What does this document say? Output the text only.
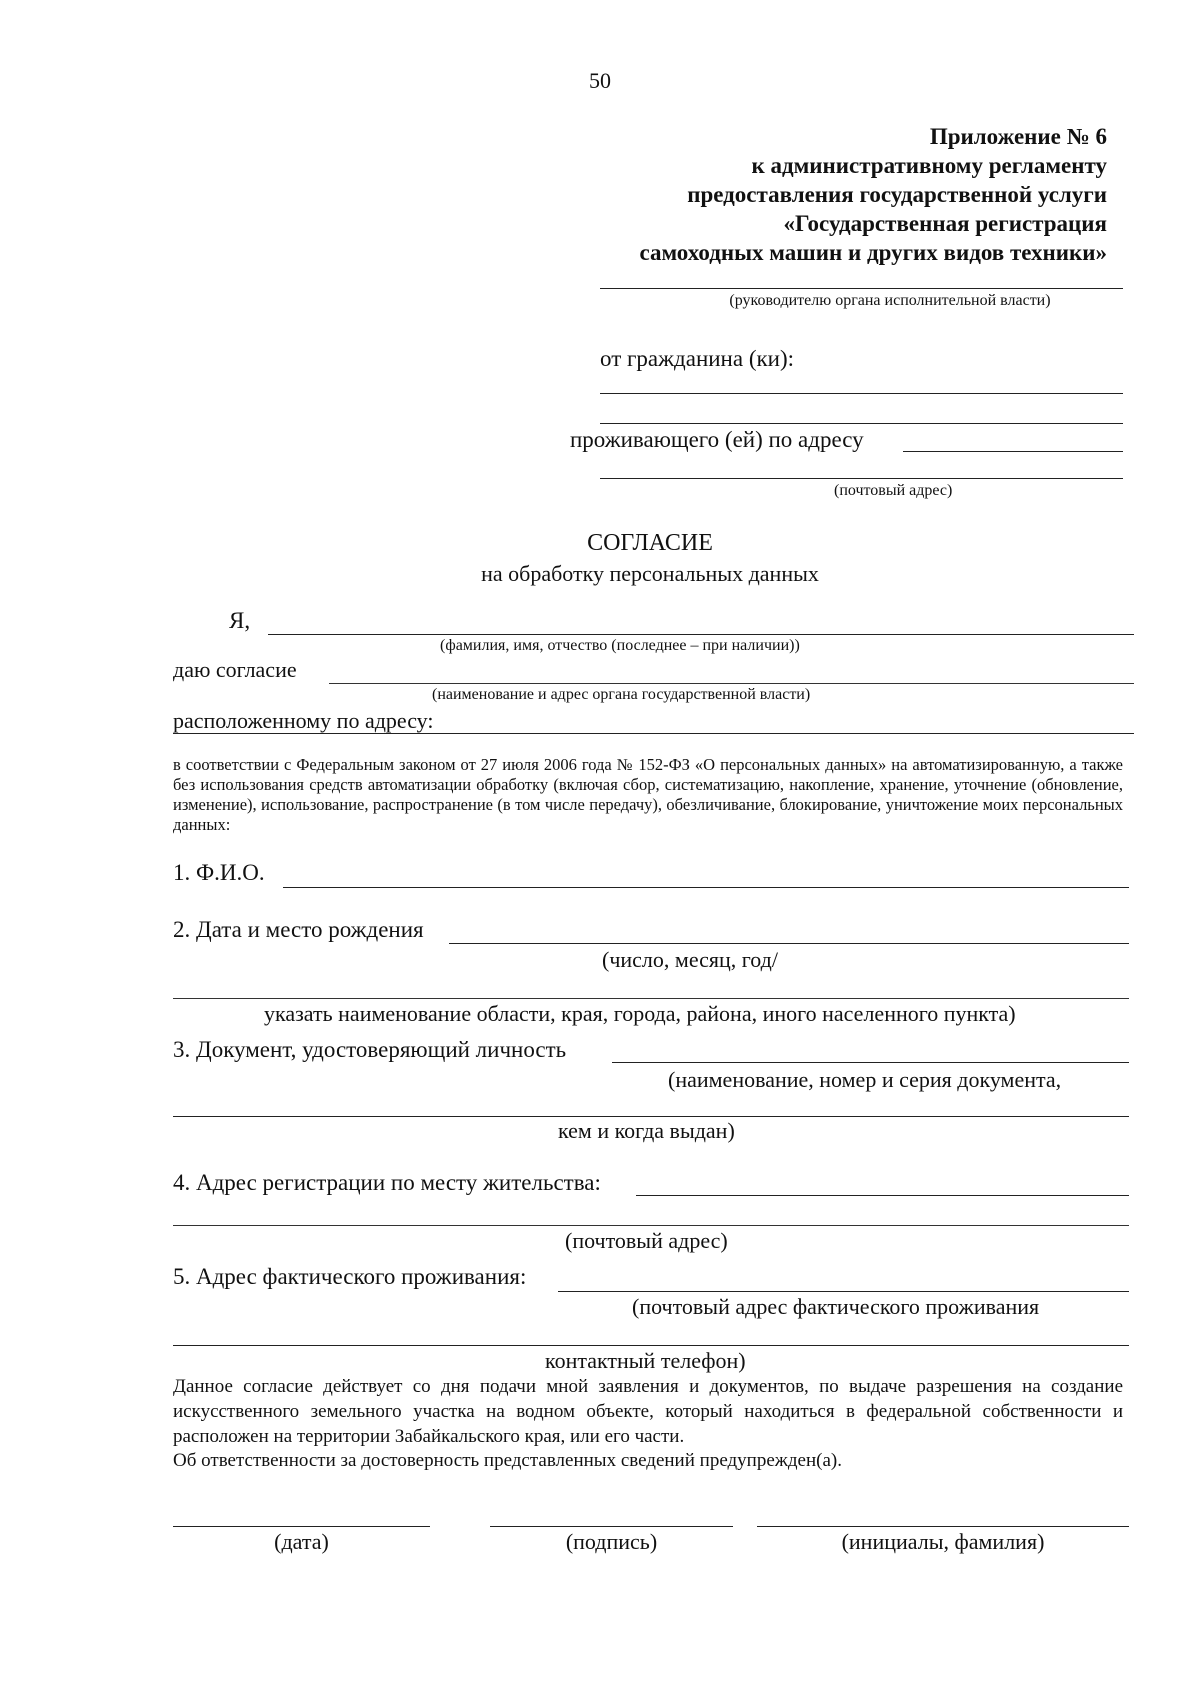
50
Приложение № 6
к административному регламенту
предоставления государственной услуги
«Государственная регистрация
самоходных машин и других видов техники»
(руководителю органа исполнительной власти)
от гражданина (ки):
проживающего (ей) по адресу
(почтовый адрес)
СОГЛАСИЕ
на обработку персональных данных
Я,
(фамилия, имя, отчество (последнее – при наличии))
даю согласие
(наименование и адрес органа государственной власти)
расположенному по адресу:
в соответствии с Федеральным законом от 27 июля 2006 года № 152-ФЗ «О персональных данных» на автоматизированную, а также без использования средств автоматизации обработку (включая сбор, систематизацию, накопление, хранение, уточнение (обновление, изменение), использование, распространение (в том числе передачу), обезличивание, блокирование, уничтожение моих персональных данных:
1. Ф.И.О.
2. Дата и место рождения
(число, месяц, год/
указать наименование области, края, города, района, иного населенного пункта)
3. Документ, удостоверяющий личность
(наименование, номер и серия документа,
кем и когда выдан)
4. Адрес регистрации по месту жительства:
(почтовый адрес)
5. Адрес фактического проживания:
(почтовый адрес фактического проживания
контактный телефон)
Данное согласие действует со дня подачи мной заявления и документов, по выдаче разрешения на создание искусственного земельного участка на водном объекте, который находиться в федеральной собственности и расположен на территории Забайкальского края, или его части.
Об ответственности за достоверность представленных сведений предупрежден(а).
(дата)	(подпись)	(инициалы, фамилия)
